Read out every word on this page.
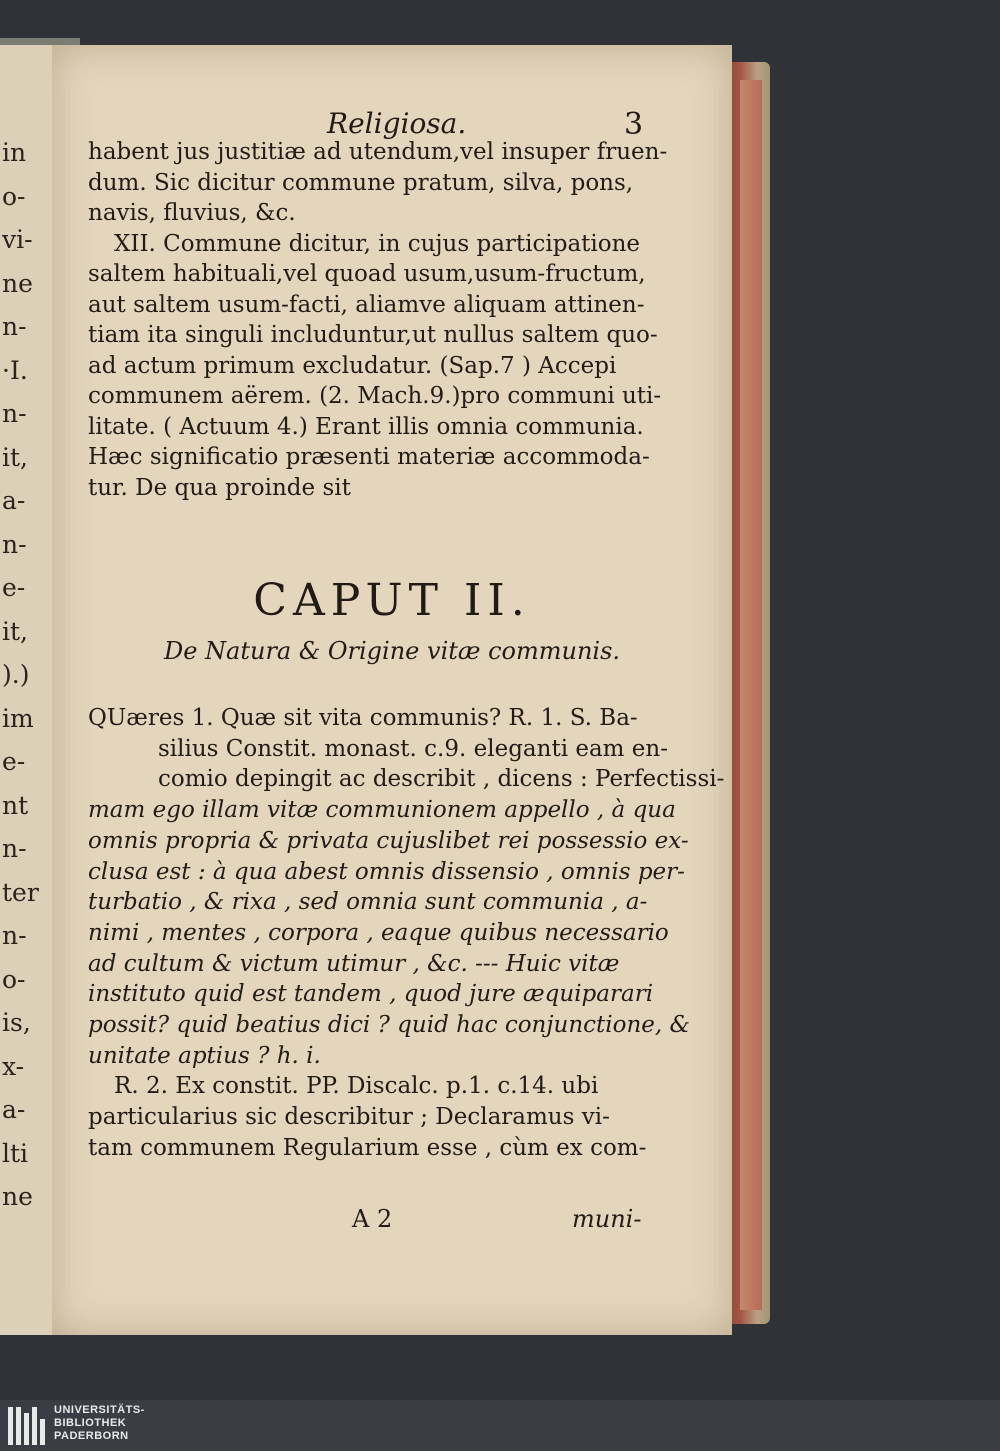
in
o-
vi-
ne
n-
·I.
n-
it,
a-
n-
e-
it,
).)
im
e-
nt
n-
ter
n-
o-
is,
x-
a-
lti
ne
Religiosa.	3
habent jus justitiæ ad utendum,vel insuper fruen-
dum. Sic dicitur commune pratum, silva, pons,
navis, fluvius, &c.
XII. Commune dicitur, in cujus participatione
saltem habituali,vel quoad usum,usum-fructum,
aut saltem usum-facti, aliamve aliquam attinen-
tiam ita singuli includuntur,ut nullus saltem quo-
ad actum primum excludatur. (Sap.7 ) Accepi
communem aërem. (2. Mach.9.)pro communi uti-
litate. ( Actuum 4.) Erant illis omnia communia.
Hæc significatio præsenti materiæ accommoda-
tur. De qua proinde sit
CAPUT II.
De Natura & Origine vitæ communis.
QUæres 1. Quæ sit vita communis? R. 1. S. Ba-
silius Constit. monast. c.9. eleganti eam en-
comio depingit ac describit , dicens : Perfectissi-
mam ego illam vitæ communionem appello , à qua
omnis propria & privata cujuslibet rei possessio ex-
clusa est : à qua abest omnis dissensio , omnis per-
turbatio , & rixa , sed omnia sunt communia , a-
nimi , mentes , corpora , eaque quibus necessario
ad cultum & victum utimur , &c. --- Huic vitæ
instituto quid est tandem , quod jure æquiparari
possit? quid beatius dici ? quid hac conjunctione, &
unitate aptius ? h. i.
R. 2. Ex constit. PP. Discalc. p.1. c.14. ubi
particularius sic describitur ; Declaramus vi-
tam communem Regularium esse , cùm ex com-
A 2	muni-
UNIVERSITÄTS-
BIBLIOTHEK
PADERBORN
